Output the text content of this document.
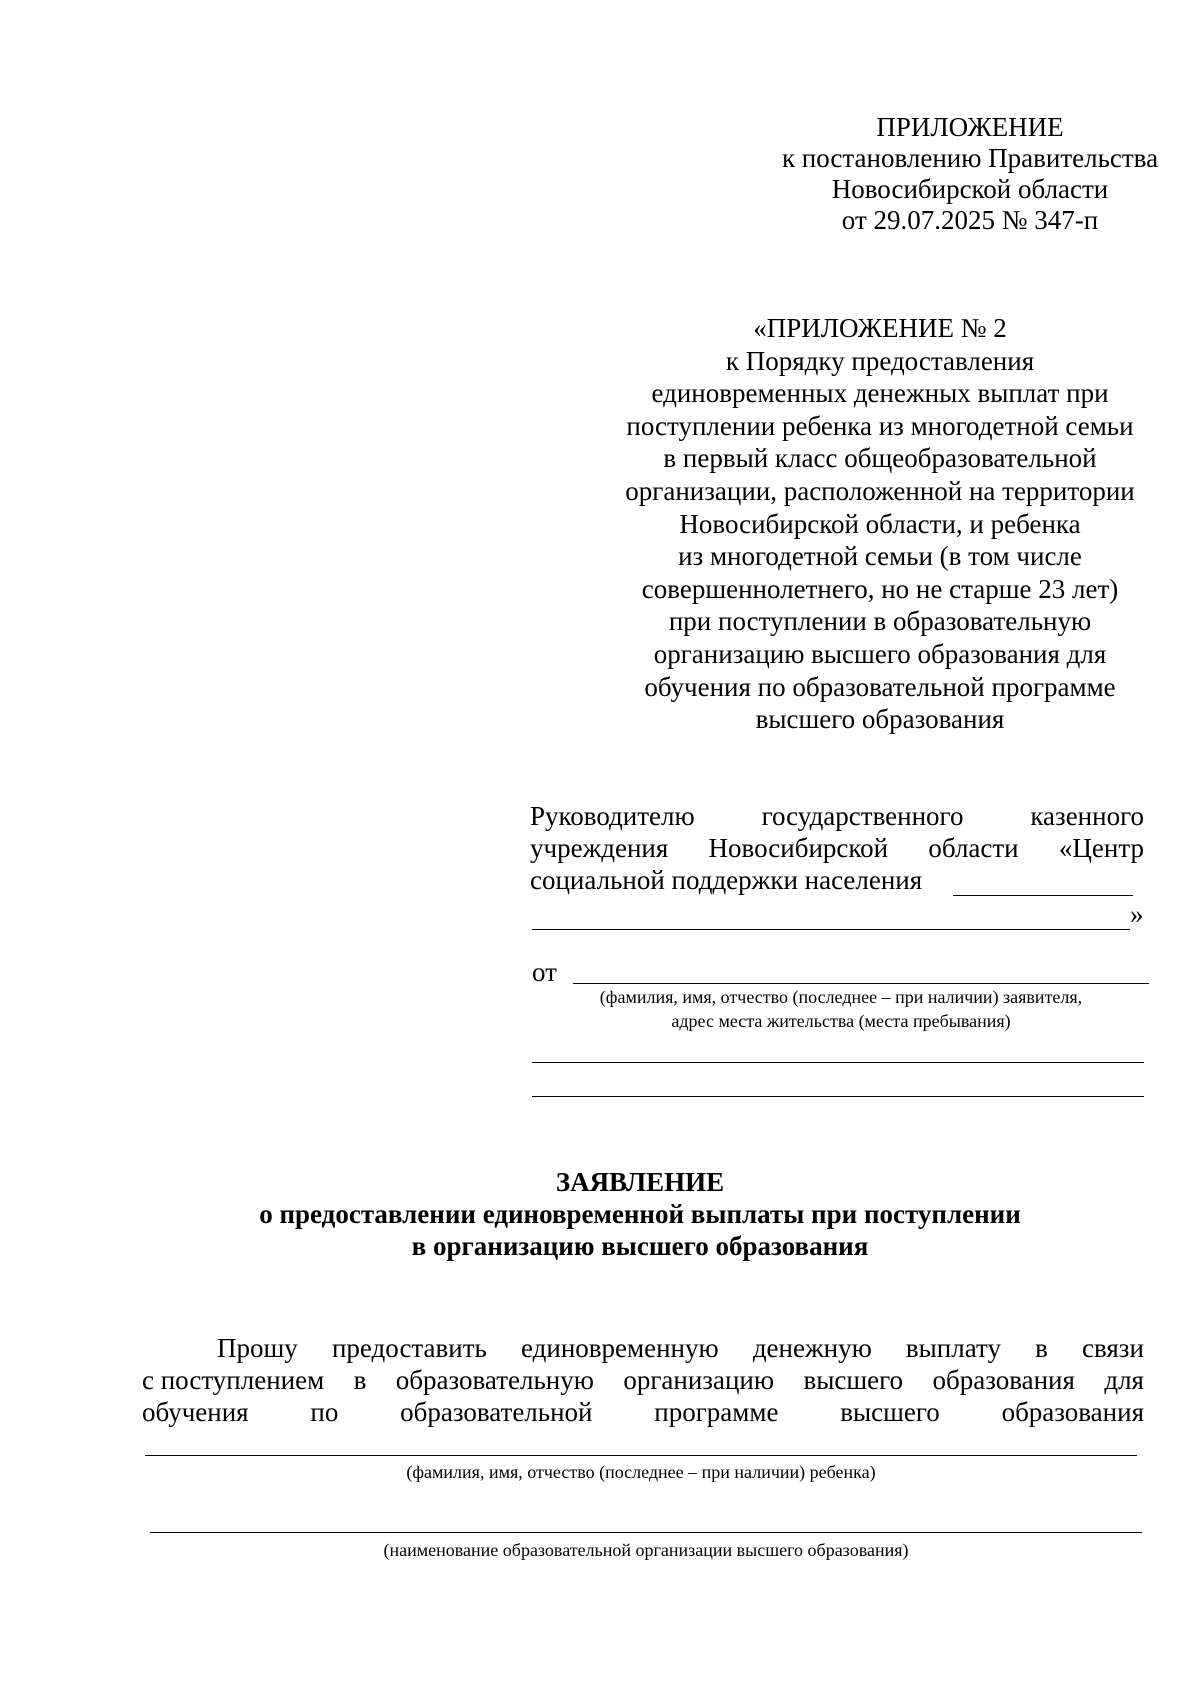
ПРИЛОЖЕНИЕ
к постановлению Правительства
Новосибирской области
от 29.07.2025 № 347-п
«ПРИЛОЖЕНИЕ № 2
к Порядку предоставления
единовременных денежных выплат при
поступлении ребенка из многодетной семьи
в первый класс общеобразовательной
организации, расположенной на территории
Новосибирской области, и ребенка
из многодетной семьи (в том числе
совершеннолетнего, но не старше 23 лет)
при поступлении в образовательную
организацию высшего образования для
обучения по образовательной программе
высшего образования
Руководителю государственного казенного
учреждения Новосибирской области «Центр
социальной поддержки населения
»
от
(фамилия, имя, отчество (последнее – при наличии) заявителя,
адрес места жительства (места пребывания)
ЗАЯВЛЕНИЕ
о предоставлении единовременной выплаты при поступлении
в организацию высшего образования
Прошу предоставить единовременную денежную выплату в связи
с поступлением в образовательную организацию высшего образования для
обучения по образовательной программе высшего образования
(фамилия, имя, отчество (последнее – при наличии) ребенка)
(наименование образовательной организации высшего образования)
